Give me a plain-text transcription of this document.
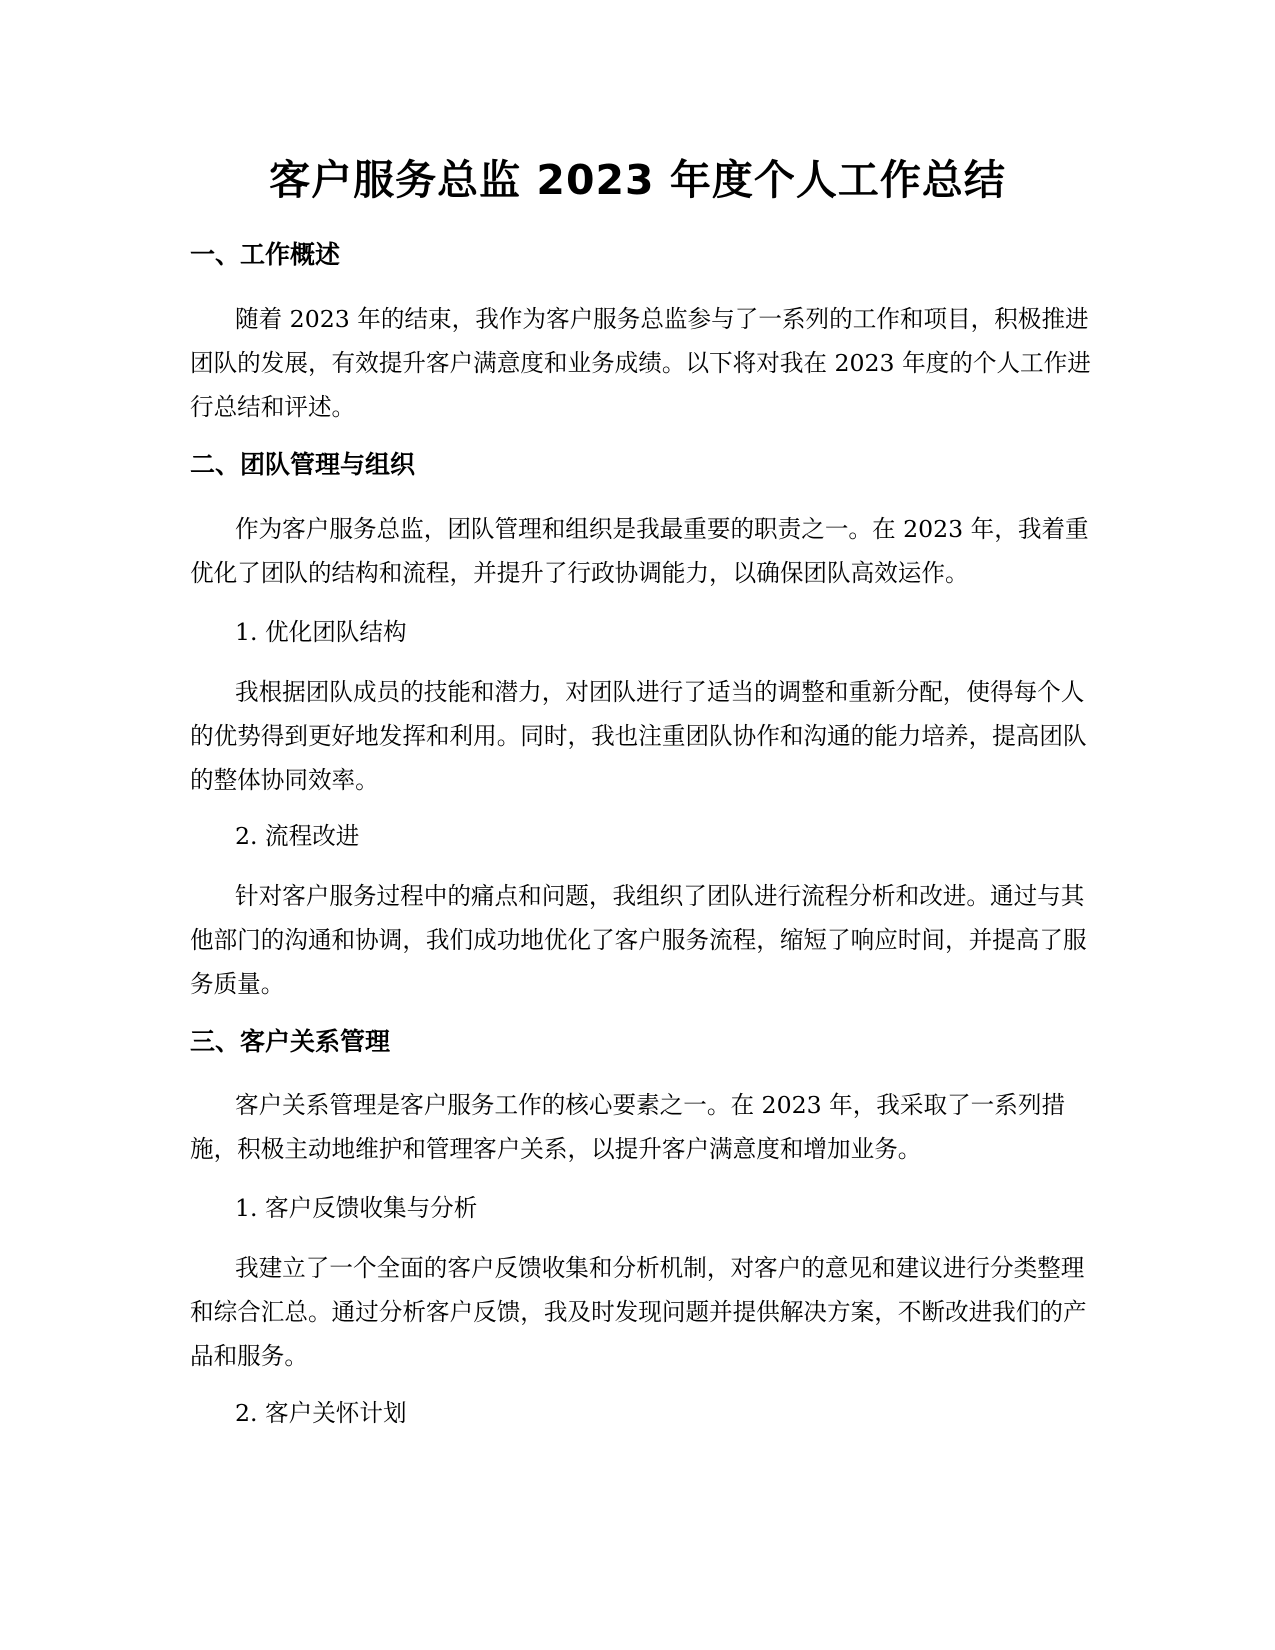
客户服务总监 2023 年度个人工作总结
一、工作概述

随着 2023 年的结束，我作为客户服务总监参与了一系列的工作和项目，积极推进团队的发展，有效提升客户满意度和业务成绩。以下将对我在 2023 年度的个人工作进行总结和评述。

二、团队管理与组织

作为客户服务总监，团队管理和组织是我最重要的职责之一。在 2023 年，我着重优化了团队的结构和流程，并提升了行政协调能力，以确保团队高效运作。

1. 优化团队结构

我根据团队成员的技能和潜力，对团队进行了适当的调整和重新分配，使得每个人的优势得到更好地发挥和利用。同时，我也注重团队协作和沟通的能力培养，提高团队的整体协同效率。

2. 流程改进

针对客户服务过程中的痛点和问题，我组织了团队进行流程分析和改进。通过与其他部门的沟通和协调，我们成功地优化了客户服务流程，缩短了响应时间，并提高了服务质量。

三、客户关系管理

客户关系管理是客户服务工作的核心要素之一。在 2023 年，我采取了一系列措施，积极主动地维护和管理客户关系，以提升客户满意度和增加业务。

1. 客户反馈收集与分析

我建立了一个全面的客户反馈收集和分析机制，对客户的意见和建议进行分类整理和综合汇总。通过分析客户反馈，我及时发现问题并提供解决方案，不断改进我们的产品和服务。

2. 客户关怀计划
